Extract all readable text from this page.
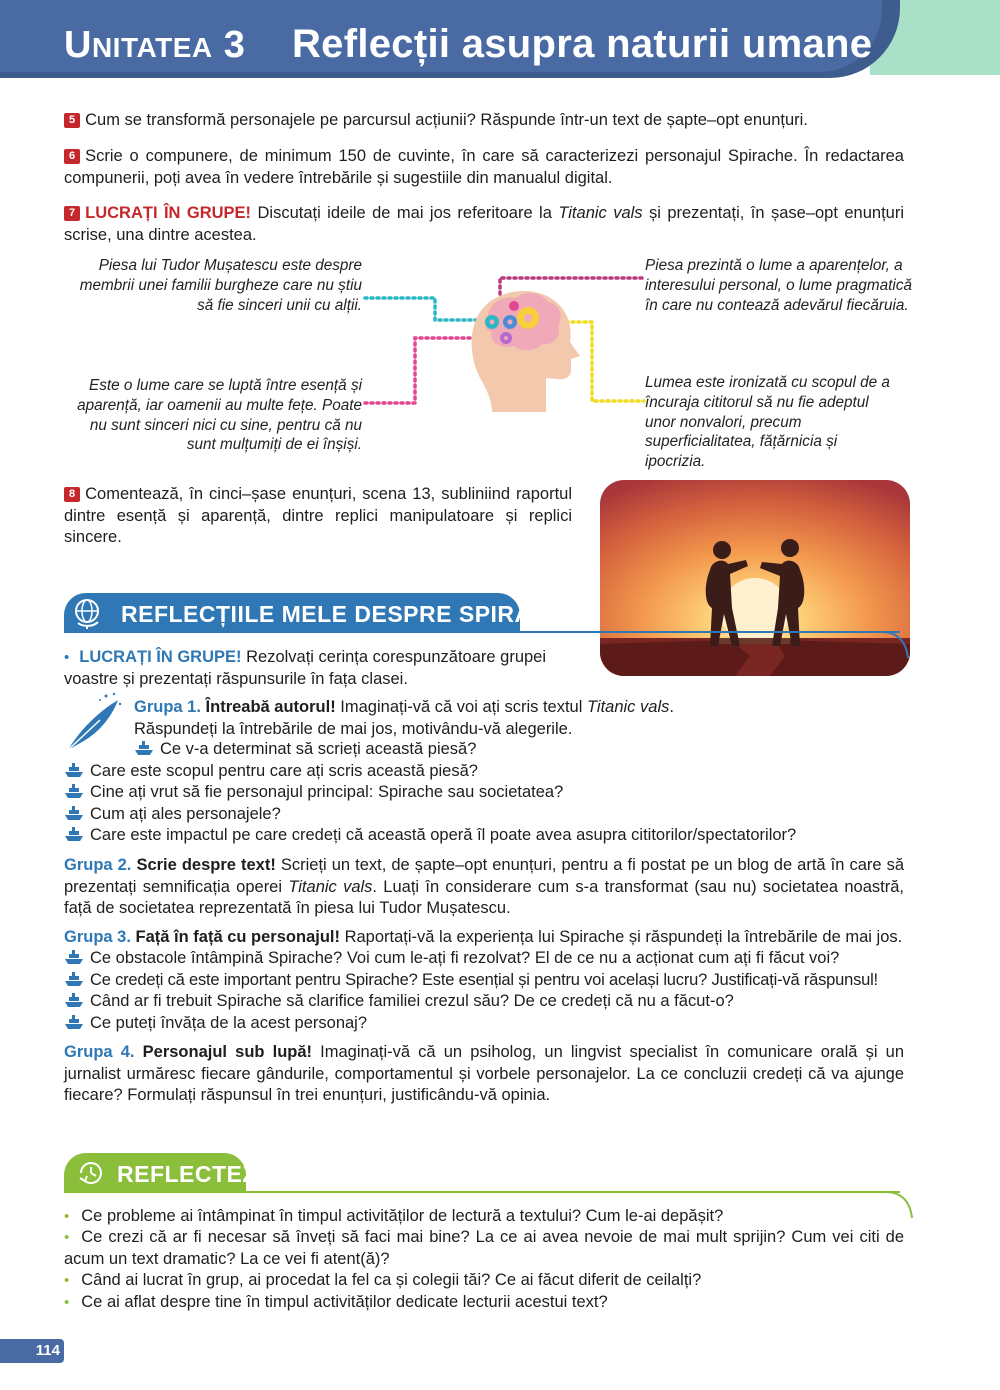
UNITATEA 3 Reflecții asupra naturii umane
5 Cum se transformă personajele pe parcursul acțiunii? Răspunde într-un text de șapte–opt enunțuri.
6 Scrie o compunere, de minimum 150 de cuvinte, în care să caracterizezi personajul Spirache. În redactarea compunerii, poți avea în vedere întrebările și sugestiile din manualul digital.
7 LUCRAȚI ÎN GRUPE! Discutați ideile de mai jos referitoare la Titanic vals și prezentați, în șase–opt enunțuri scrise, una dintre acestea.
Piesa lui Tudor Mușatescu este despre membrii unei familii burgheze care nu știu să fie sinceri unii cu alții.
Piesa prezintă o lume a aparențelor, a interesului personal, o lume pragmatică în care nu contează adevărul fiecăruia.
Este o lume care se luptă între esență și aparență, iar oamenii au multe fețe. Poate nu sunt sinceri nici cu sine, pentru că nu sunt mulțumiți de ei înșiși.
Lumea este ironizată cu scopul de a încuraja cititorul să nu fie adeptul unor nonvalori, precum superficialitatea, fățărnicia și ipocrizia.
8 Comentează, în cinci–șase enunțuri, scena 13, subliniind raportul dintre esență și aparență, dintre replici manipulatoare și replici sincere.
REFLECȚIILE MELE DESPRE SPIRACHE
• LUCRAȚI ÎN GRUPE! Rezolvați cerința corespunzătoare grupei voastre și prezentați răspunsurile în fața clasei.
Grupa 1. Întreabă autorul! Imaginați-vă că voi ați scris textul Titanic vals. Răspundeți la întrebările de mai jos, motivându-vă alegerile.
Ce v-a determinat să scrieți această piesă?
Care este scopul pentru care ați scris această piesă?
Cine ați vrut să fie personajul principal: Spirache sau societatea?
Cum ați ales personajele?
Care este impactul pe care credeți că această operă îl poate avea asupra cititorilor/spectatorilor?
Grupa 2. Scrie despre text! Scrieți un text, de șapte–opt enunțuri, pentru a fi postat pe un blog de artă în care să prezentați semnificația operei Titanic vals. Luați în considerare cum s-a transformat (sau nu) societatea noastră, față de societatea reprezentată în piesa lui Tudor Mușatescu.
Grupa 3. Față în față cu personajul! Raportați-vă la experiența lui Spirache și răspundeți la întrebările de mai jos.
Ce obstacole întâmpină Spirache? Voi cum le-ați fi rezolvat? El de ce nu a acționat cum ați fi făcut voi?
Ce credeți că este important pentru Spirache? Este esențial și pentru voi același lucru? Justificați-vă răspunsul!
Când ar fi trebuit Spirache să clarifice familiei crezul său? De ce credeți că nu a făcut-o?
Ce puteți învăța de la acest personaj?
Grupa 4. Personajul sub lupă! Imaginați-vă că un psiholog, un lingvist specialist în comunicare orală și un jurnalist urmăresc fiecare gândurile, comportamentul și vorbele personajelor. La ce concluzii credeți că va ajunge fiecare? Formulați răspunsul în trei enunțuri, justificându-vă opinia.
REFLECTEZ
• Ce probleme ai întâmpinat în timpul activităților de lectură a textului? Cum le-ai depășit?
• Ce crezi că ar fi necesar să înveți să faci mai bine? La ce ai avea nevoie de mai mult sprijin? Cum vei citi de acum un text dramatic? La ce vei fi atent(ă)?
• Când ai lucrat în grup, ai procedat la fel ca și colegii tăi? Ce ai făcut diferit de ceilalți?
• Ce ai aflat despre tine în timpul activităților dedicate lecturii acestui text?
114
